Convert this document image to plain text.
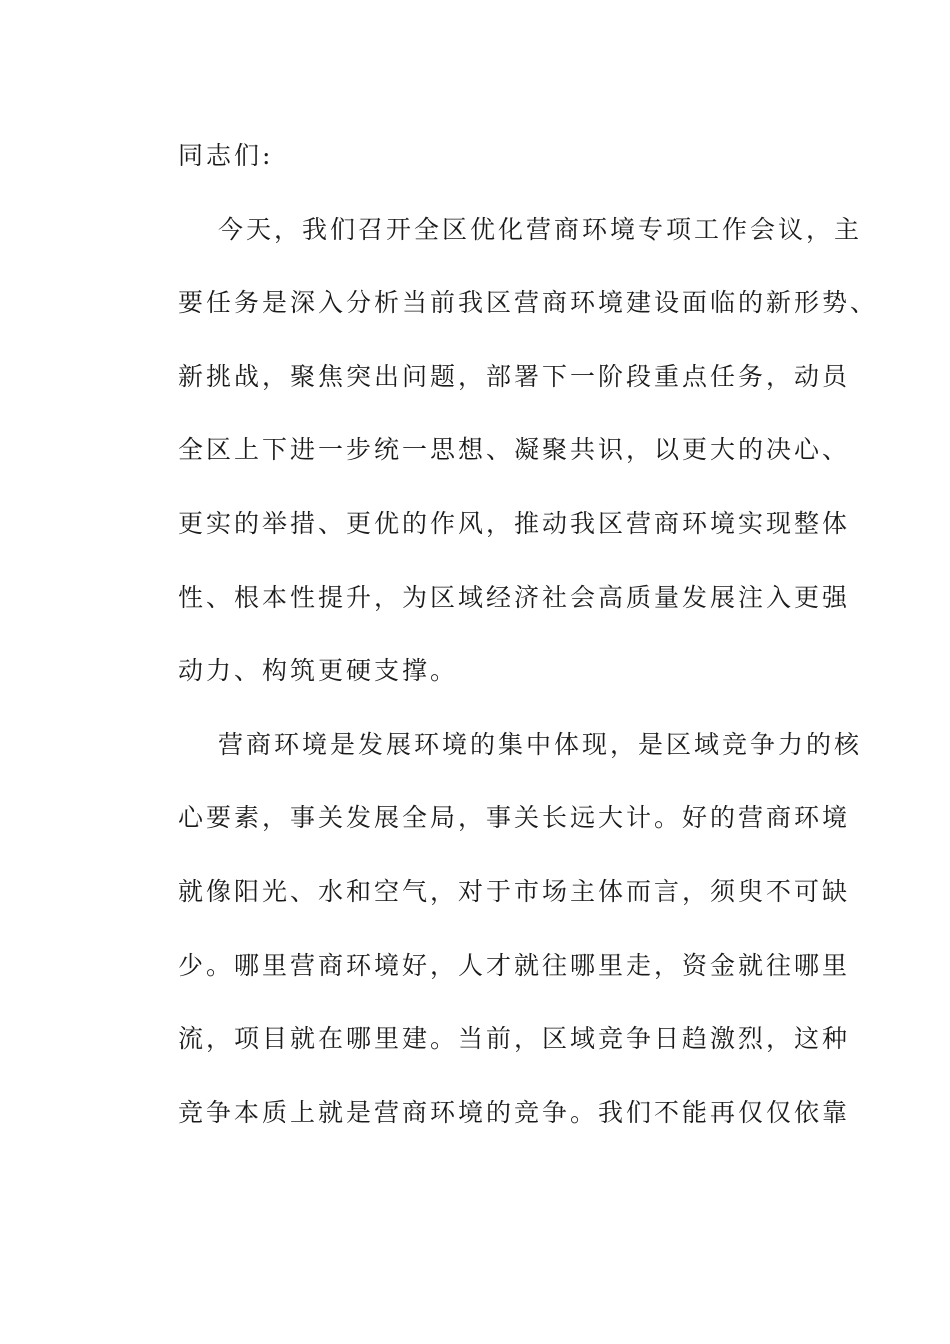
同志们:
今天，我们召开全区优化营商环境专项工作会议，主
要任务是深入分析当前我区营商环境建设面临的新形势、
新挑战，聚焦突出问题，部署下一阶段重点任务，动员
全区上下进一步统一思想、凝聚共识，以更大的决心、
更实的举措、更优的作风，推动我区营商环境实现整体
性、根本性提升，为区域经济社会高质量发展注入更强
动力、构筑更硬支撑。
营商环境是发展环境的集中体现，是区域竞争力的核
心要素，事关发展全局，事关长远大计。好的营商环境
就像阳光、水和空气，对于市场主体而言，须臾不可缺
少。哪里营商环境好，人才就往哪里走，资金就往哪里
流，项目就在哪里建。当前，区域竞争日趋激烈，这种
竞争本质上就是营商环境的竞争。我们不能再仅仅依靠
